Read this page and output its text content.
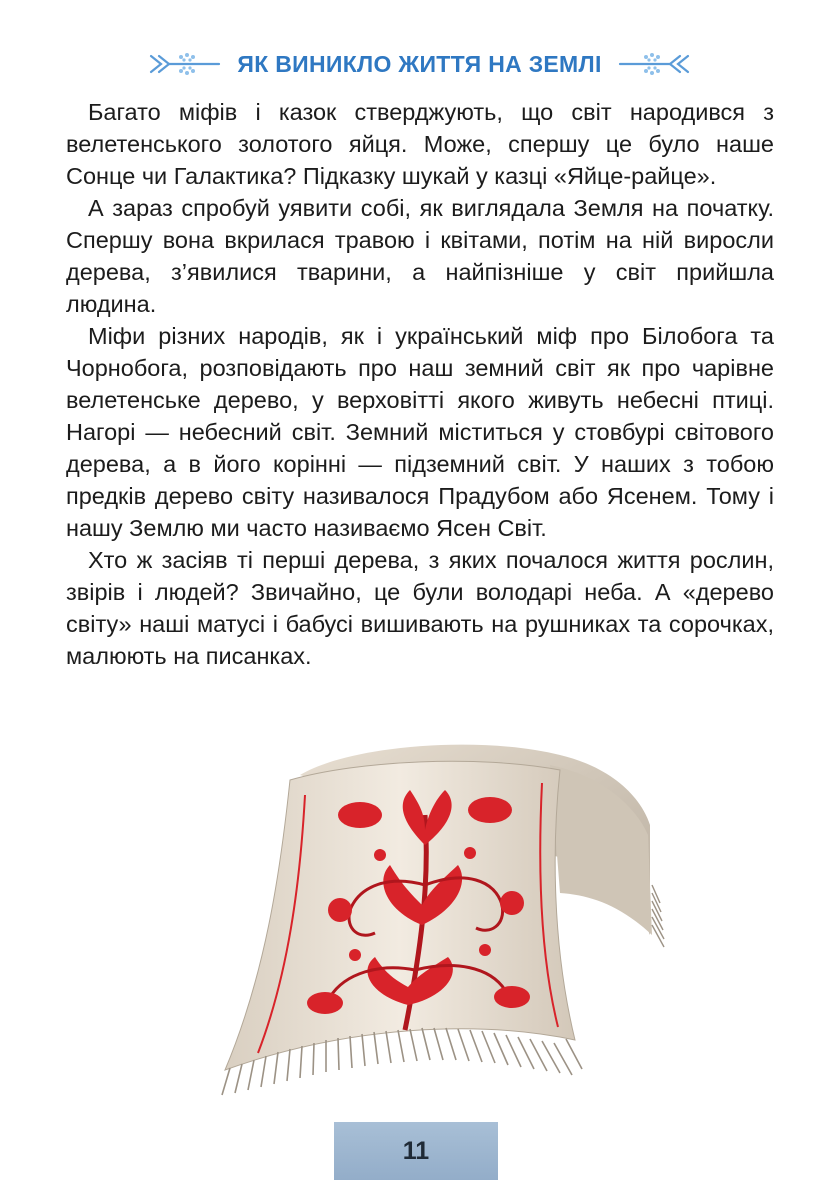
ЯК ВИНИКЛО ЖИТТЯ НА ЗЕМЛІ

Багато міфів і казок стверджують, що світ народився з велетенського золотого яйця. Може, спершу це було наше Сонце чи Галактика? Підказку шукай у казці «Яйце-райце».

А зараз спробуй уявити собі, як виглядала Земля на початку. Спершу вона вкрилася травою і квітами, потім на ній виросли дерева, з’явилися тварини, а найпізніше у світ прийшла людина.

Міфи різних народів, як і український міф про Білобога та Чорнобога, розповідають про наш земний світ як про чарівне велетенське дерево, у верховітті якого живуть небесні птиці. Нагорі — небесний світ. Земний міститься у стовбурі світового дерева, а в його корінні — підземний світ. У наших з тобою предків дерево світу називалося Прадубом або Ясенем. Тому і нашу Землю ми часто називаємо Ясен Світ.

Хто ж засіяв ті перші дерева, з яких почалося життя рослин, звірів і людей? Звичайно, це були володарі неба. А «дерево світу» наші матусі і бабусі вишивають на рушниках та сорочках, малюють на писанках.

11
